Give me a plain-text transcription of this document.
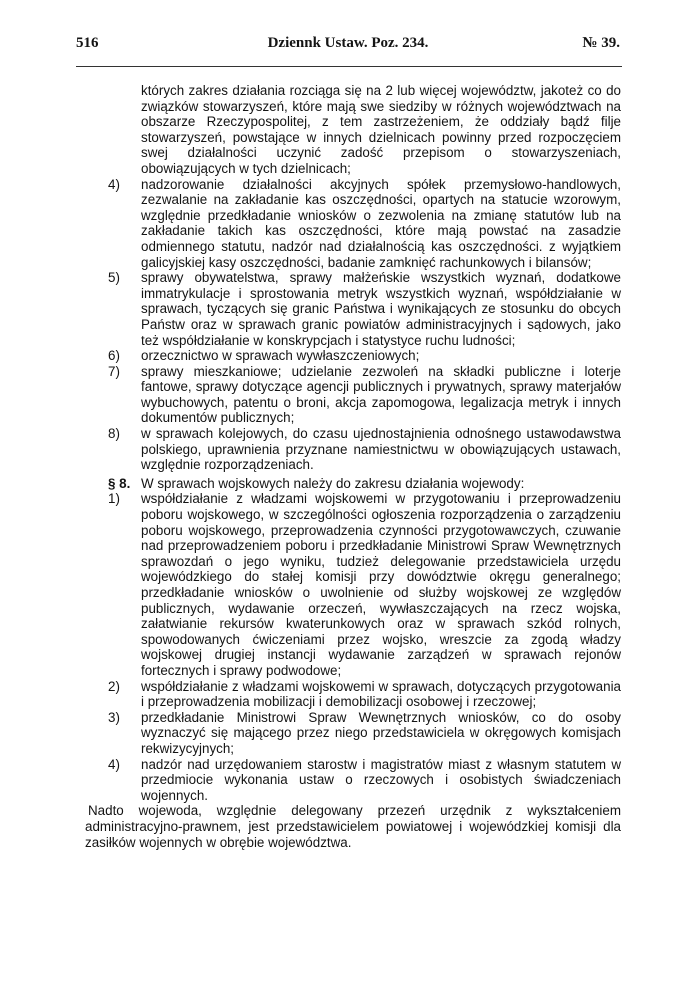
516	Dziennk Ustaw. Poz. 234.	№ 39.
których zakres działania rozciąga się na 2 lub więcej województw, jakoteż co do związków stowarzyszeń, które mają swe siedziby w różnych województwach na obszarze Rzeczypospolitej, z tem zastrzeżeniem, że oddziały bądź filje stowarzyszeń, powstające w innych dzielnicach powinny przed rozpoczęciem swej działalności uczynić zadość przepisom o stowarzyszeniach, obowiązujących w tych dzielnicach;
4)	nadzorowanie działalności akcyjnych spółek przemysłowo-handlowych, zezwalanie na zakładanie kas oszczędności, opartych na statucie wzorowym, względnie przedkładanie wniosków o zezwolenia na zmianę statutów lub na zakładanie takich kas oszczędności, które mają powstać na zasadzie odmiennego statutu, nadzór nad działalnością kas oszczędności. z wyjątkiem galicyjskiej kasy oszczędności, badanie zamknięć rachunkowych i bilansów;
5)	sprawy obywatelstwa, sprawy małżeńskie wszystkich wyznań, dodatkowe immatrykulacje i sprostowania metryk wszystkich wyznań, współdziałanie w sprawach, tyczących się granic Państwa i wynikających ze stosunku do obcych Państw oraz w sprawach granic powiatów administracyjnych i sądowych, jako też współdziałanie w konskrypcjach i statystyce ruchu ludności;
6)	orzecznictwo w sprawach wywłaszczeniowych;
7)	sprawy mieszkaniowe; udzielanie zezwoleń na składki publiczne i loterje fantowe, sprawy dotyczące agencji publicznych i prywatnych, sprawy materjałów wybuchowych, patentu o broni, akcja zapomogowa, legalizacja metryk i innych dokumentów publicznych;
8)	w sprawach kolejowych, do czasu ujednostajnienia odnośnego ustawodawstwa polskiego, uprawnienia przyznane namiestnictwu w obowiązujących ustawach, względnie rozporządzeniach.
§ 8. W sprawach wojskowych należy do zakresu działania wojewody:
1)	współdziałanie z władzami wojskowemi w przygotowaniu i przeprowadzeniu poboru wojskowego, w szczególności ogłoszenia rozporządzenia o zarządzeniu poboru wojskowego, przeprowadzenia czynności przygotowawczych, czuwanie nad przeprowadzeniem poboru i przedkładanie Ministrowi Spraw Wewnętrznych sprawozdań o jego wyniku, tudzież delegowanie przedstawiciela urzędu wojewódzkiego do stałej komisji przy dowództwie okręgu generalnego; przedkładanie wniosków o uwolnienie od służby wojskowej ze względów publicznych, wydawanie orzeczeń, wywłaszczających na rzecz wojska, załatwianie rekursów kwaterunkowych oraz w sprawach szkód rolnych, spowodowanych ćwiczeniami przez wojsko, wreszcie za zgodą władzy wojskowej drugiej instancji wydawanie zarządzeń w sprawach rejonów fortecznych i sprawy podwodowe;
2)	współdziałanie z władzami wojskowemi w sprawach, dotyczących przygotowania i przeprowadzenia mobilizacji i demobilizacji osobowej i rzeczowej;
3)	przedkładanie Ministrowi Spraw Wewnętrznych wniosków, co do osoby wyznaczyć się mającego przez niego przedstawiciela w okręgowych komisjach rekwizycyjnych;
4)	nadzór nad urzędowaniem starostw i magistratów miast z własnym statutem w przedmiocie wykonania ustaw o rzeczowych i osobistych świadczeniach wojennych.
Nadto wojewoda, względnie delegowany przezeń urzędnik z wykształceniem administracyjno-prawnem, jest przedstawicielem powiatowej i wojewódzkiej komisji dla zasiłków wojennych w obrębie województwa.
